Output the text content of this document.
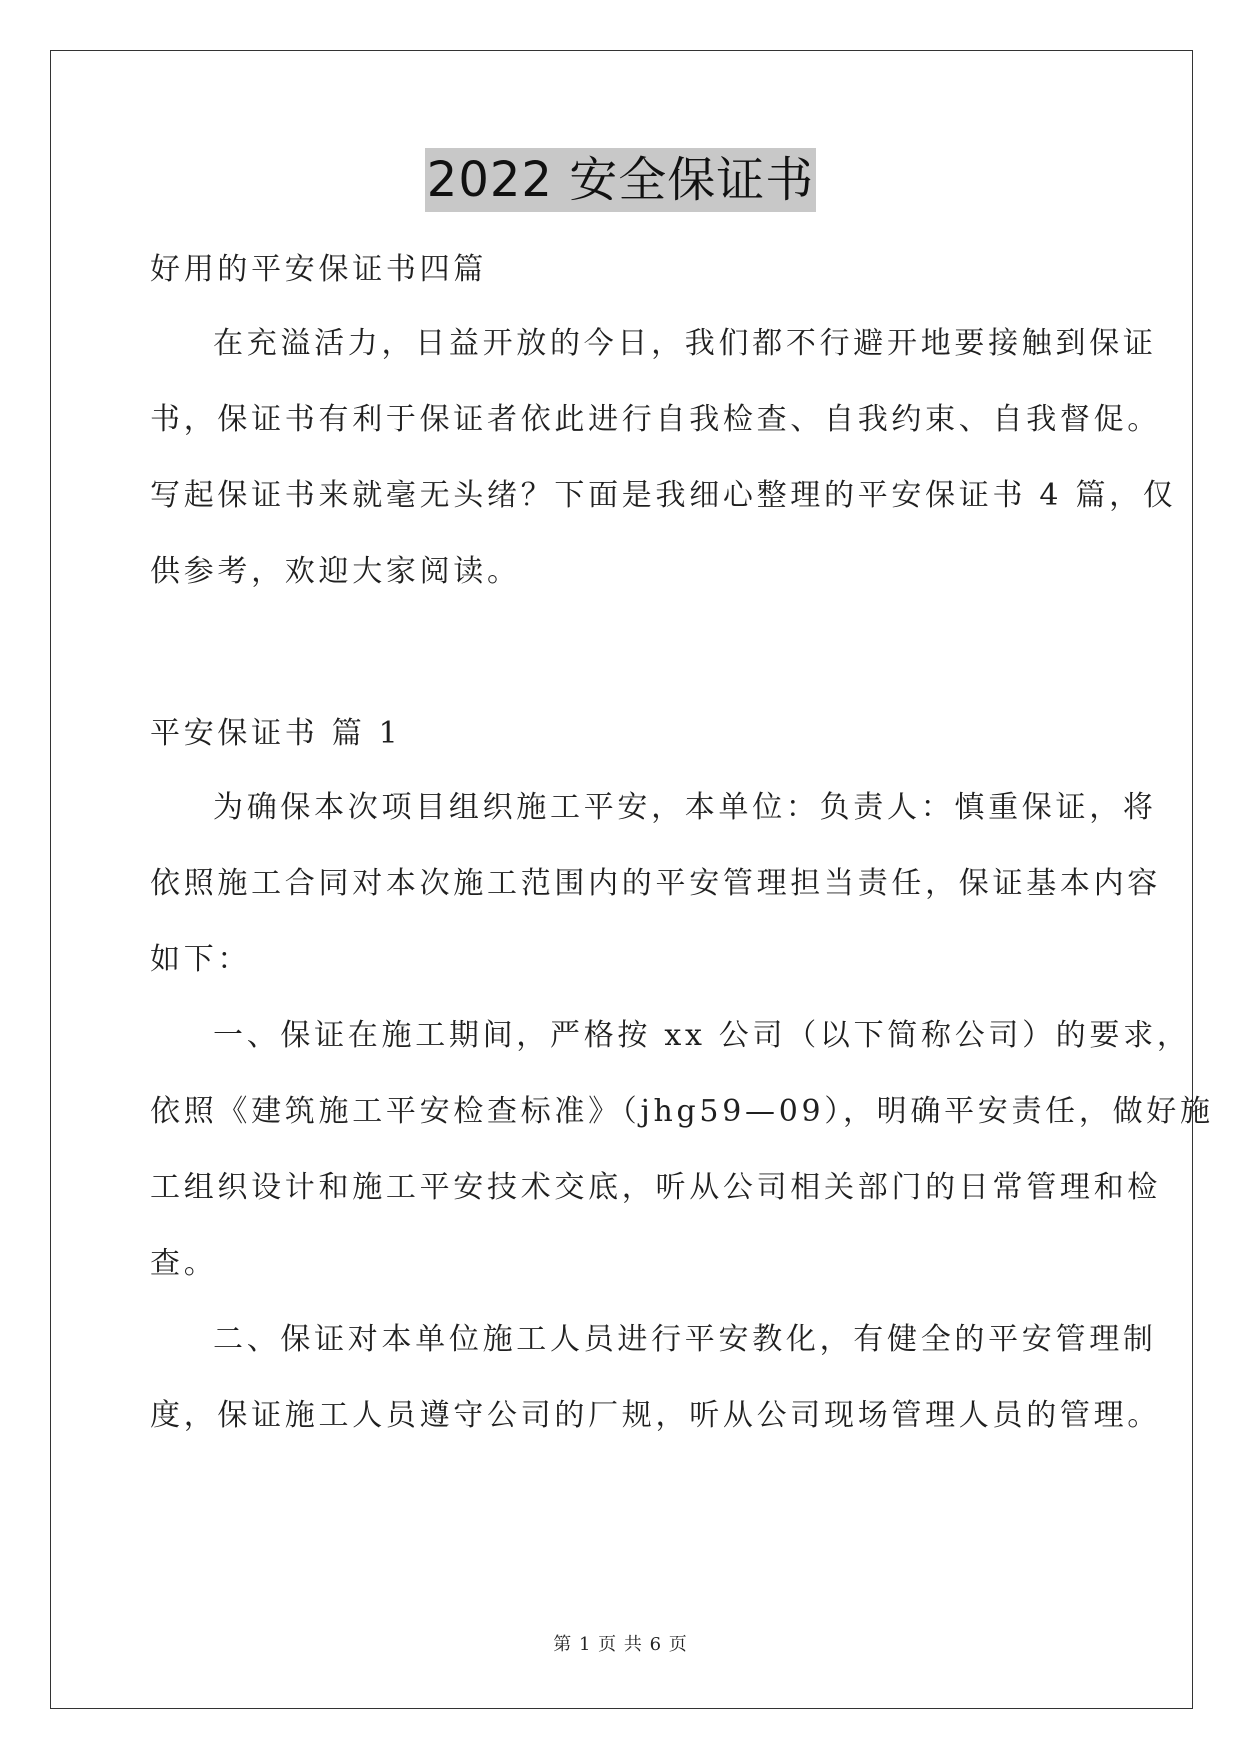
2022 安全保证书
好用的平安保证书四篇
在充溢活力，日益开放的今日，我们都不行避开地要接触到保证
书，保证书有利于保证者依此进行自我检查、自我约束、自我督促。
写起保证书来就毫无头绪？下面是我细心整理的平安保证书 4 篇，仅
供参考，欢迎大家阅读。
平安保证书 篇 1
为确保本次项目组织施工平安，本单位：负责人：慎重保证，将
依照施工合同对本次施工范围内的平安管理担当责任，保证基本内容
如下：
一、保证在施工期间，严格按 xx 公司（以下简称公司）的要求，
依照《建筑施工平安检查标准》（jhg59—09），明确平安责任，做好施
工组织设计和施工平安技术交底，听从公司相关部门的日常管理和检
查。
二、保证对本单位施工人员进行平安教化，有健全的平安管理制
度，保证施工人员遵守公司的厂规，听从公司现场管理人员的管理。
第 1 页 共 6 页
